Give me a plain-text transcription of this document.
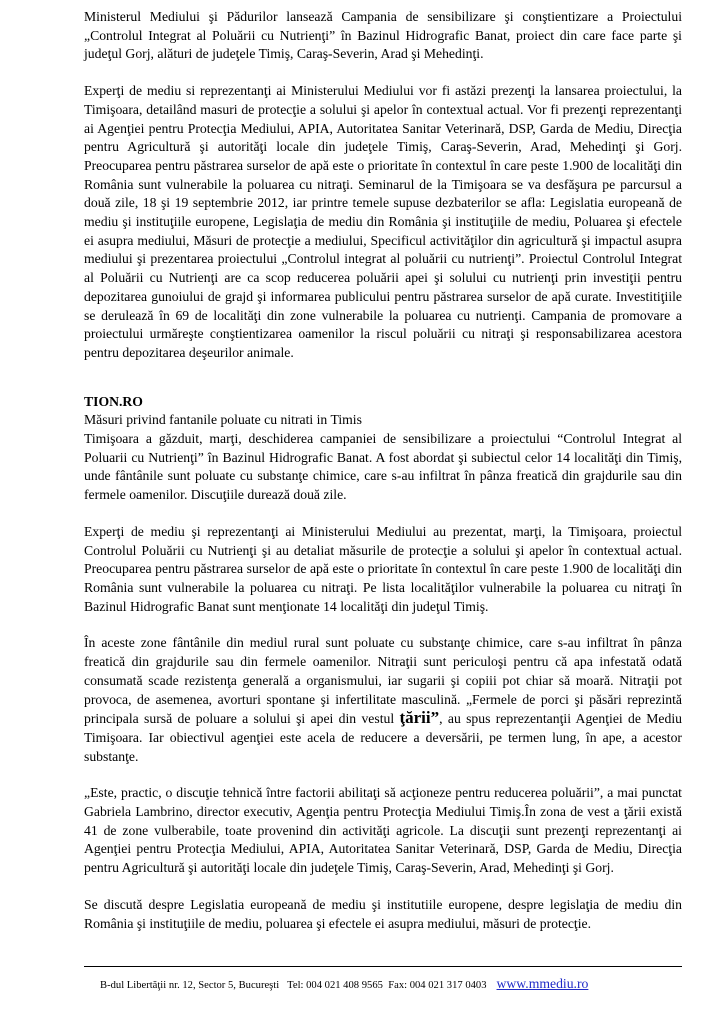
Ministerul Mediului şi Pădurilor lansează Campania de sensibilizare şi conştientizare a Proiectului „Controlul Integrat al Poluării cu Nutrienţi” în Bazinul Hidrografic Banat, proiect din care face parte şi judeţul Gorj, alături de judeţele Timiş, Caraş-Severin, Arad şi Mehedinţi.

Experţi de mediu si reprezentanţi ai Ministerului Mediului vor fi astăzi prezenţi la lansarea proiectului, la Timişoara, detailând masuri de protecţie a solului şi apelor în contextual actual. Vor fi prezenţi reprezentanţi ai Agenţiei pentru Protecţia Mediului, APIA, Autoritatea Sanitar Veterinară, DSP, Garda de Mediu, Direcţia pentru Agricultură şi autorităţi locale din judeţele Timiş, Caraş-Severin, Arad, Mehedinţi şi Gorj. Preocuparea pentru păstrarea surselor de apă este o prioritate în contextul în care peste 1.900 de localităţi din România sunt vulnerabile la poluarea cu nitraţi. Seminarul de la Timişoara se va desfăşura pe parcursul a două zile, 18 şi 19 septembrie 2012, iar printre temele supuse dezbaterilor se afla: Legislatia europeană de mediu şi instituţiile europene, Legislaţia de mediu din România şi instituţiile de mediu, Poluarea şi efectele ei asupra mediului, Măsuri de protecţie a mediului, Specificul activităţilor din agricultură şi impactul asupra mediului şi prezentarea proiectului „Controlul integrat al poluării cu nutrienţi”. Proiectul Controlul Integrat al Poluării cu Nutrienţi are ca scop reducerea poluării apei şi solului cu nutrienţi prin investiţii pentru depozitarea gunoiului de grajd şi informarea publicului pentru păstrarea surselor de apă curate. Investitiţiile se derulează în 69 de localităţi din zone vulnerabile la poluarea cu nutrienţi. Campania de promovare a proiectului urmăreşte conştientizarea oamenilor la riscul poluării cu nitraţi şi responsabilizarea acestora pentru depozitarea deşeurilor animale.

TION.RO
Măsuri privind fantanile poluate cu nitrati in Timis

Timişoara a găzduit, marţi, deschiderea campaniei de sensibilizare a proiectului “Controlul Integrat al Poluarii cu Nutrienţi” în Bazinul Hidrografic Banat. A fost abordat şi subiectul celor 14 localităţi din Timiş, unde fântânile sunt poluate cu substanţe chimice, care s-au infiltrat în pânza freatică din grajdurile sau din fermele oamenilor. Discuţiile durează două zile.

Experţi de mediu şi reprezentanţi ai Ministerului Mediului au prezentat, marţi, la Timişoara, proiectul Controlul Poluării cu Nutrienţi şi au detaliat măsurile de protecţie a solului şi apelor în contextual actual. Preocuparea pentru păstrarea surselor de apă este o prioritate în contextul în care peste 1.900 de localităţi din România sunt vulnerabile la poluarea cu nitraţi. Pe lista localităţilor vulnerabile la poluarea cu nitraţi în Bazinul Hidrografic Banat sunt menţionate 14 localităţi din judeţul Timiş.

În aceste zone fântânile din mediul rural sunt poluate cu substanţe chimice, care s-au infiltrat în pânza freatică din grajdurile sau din fermele oamenilor. Nitraţii sunt periculoşi pentru că apa infestată odată consumată scade rezistenţa generală a organismului, iar sugarii şi copiii pot chiar să moară. Nitraţii pot provoca, de asemenea, avorturi spontane şi infertilitate masculină. „Fermele de porci şi păsări reprezintă principala sursă de poluare a solului şi apei din vestul ţării”, au spus reprezentanţii Agenţiei de Mediu Timişoara. Iar obiectivul agenţiei este acela de reducere a deversării, pe termen lung, în ape, a acestor substanţe.

„Este, practic, o discuţie tehnică între factorii abilitaţi să acţioneze pentru reducerea poluării”, a mai punctat Gabriela Lambrino, director executiv, Agenţia pentru Protecţia Mediului Timiş.În zona de vest a ţării există 41 de zone vulberabile, toate provenind din activităţi agricole. La discuţii sunt prezenţi reprezentanţi ai Agenţiei pentru Protecţia Mediului, APIA, Autoritatea Sanitar Veterinară, DSP, Garda de Mediu, Direcţia pentru Agricultură şi autorităţi locale din judeţele Timiş, Caraş-Severin, Arad, Mehedinţi şi Gorj.

Se discută despre Legislatia europeană de mediu şi institutiile europene, despre legislaţia de mediu din România şi instituţiile de mediu, poluarea şi efectele ei asupra mediului, măsuri de protecţie.

B-dul Libertăţii nr. 12, Sector 5, Bucureşti Tel: 004 021 408 9565 Fax: 004 021 317 0403 www.mmediu.ro
